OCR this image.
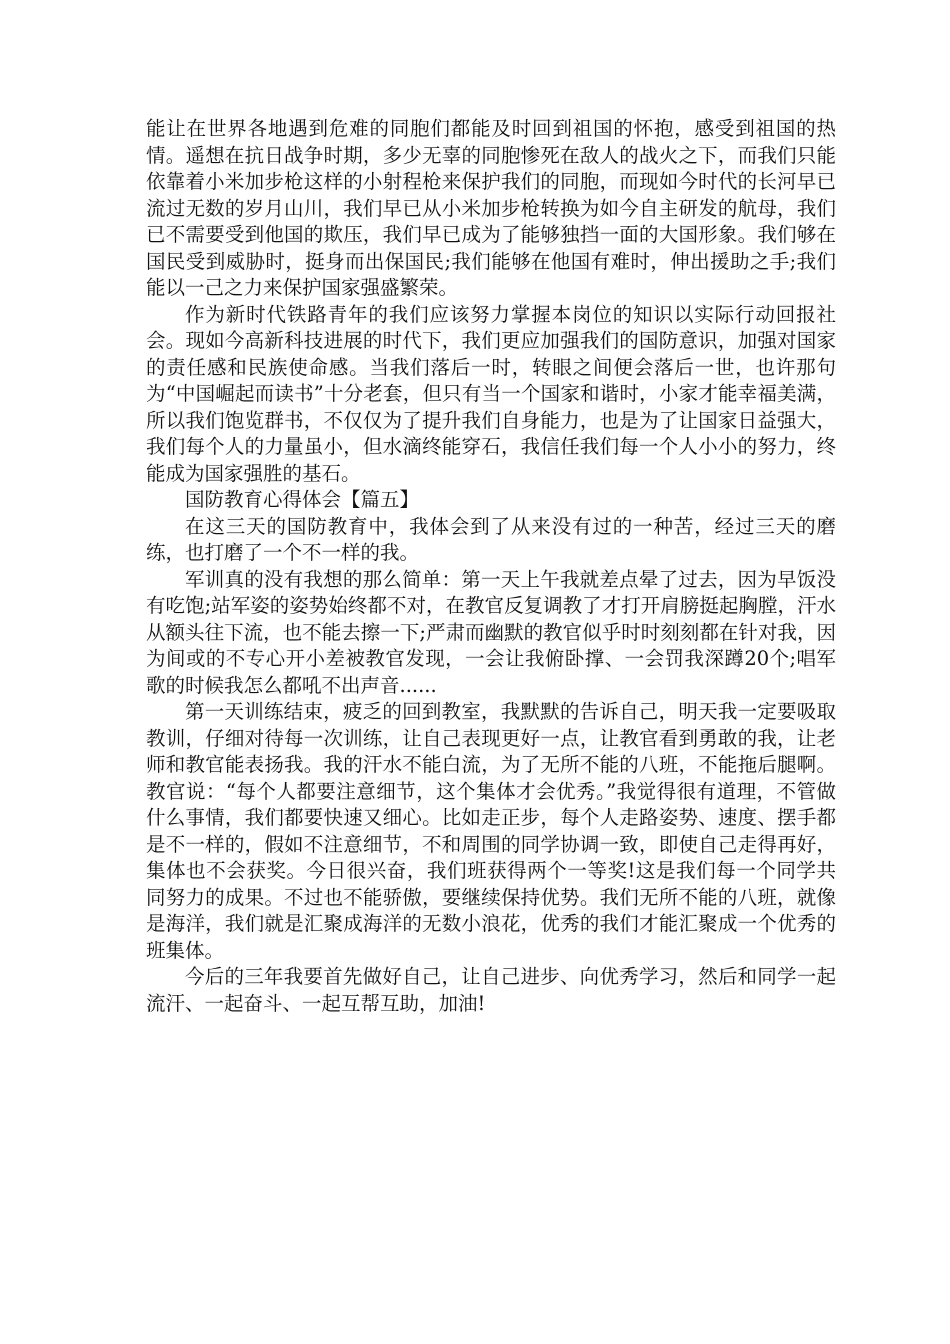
能让在世界各地遇到危难的同胞们都能及时回到祖国的怀抱，感受到祖国的热情。遥想在抗日战争时期，多少无辜的同胞惨死在敌人的战火之下，而我们只能依靠着小米加步枪这样的小射程枪来保护我们的同胞，而现如今时代的长河早已流过无数的岁月山川，我们早已从小米加步枪转换为如今自主研发的航母，我们已不需要受到他国的欺压，我们早已成为了能够独挡一面的大国形象。我们够在国民受到威胁时，挺身而出保国民;我们能够在他国有难时，伸出援助之手;我们能以一己之力来保护国家强盛繁荣。

作为新时代铁路青年的我们应该努力掌握本岗位的知识以实际行动回报社会。现如今高新科技进展的时代下，我们更应加强我们的国防意识，加强对国家的责任感和民族使命感。当我们落后一时，转眼之间便会落后一世，也许那句为“中国崛起而读书”十分老套，但只有当一个国家和谐时，小家才能幸福美满，所以我们饱览群书，不仅仅为了提升我们自身能力，也是为了让国家日益强大，我们每个人的力量虽小，但水滴终能穿石，我信任我们每一个人小小的努力，终能成为国家强胜的基石。

国防教育心得体会【篇五】

在这三天的国防教育中，我体会到了从来没有过的一种苦，经过三天的磨练，也打磨了一个不一样的我。

军训真的没有我想的那么简单：第一天上午我就差点晕了过去，因为早饭没有吃饱;站军姿的姿势始终都不对，在教官反复调教了才打开肩膀挺起胸膛，汗水从额头往下流，也不能去擦一下;严肃而幽默的教官似乎时时刻刻都在针对我，因为间或的不专心开小差被教官发现，一会让我俯卧撑、一会罚我深蹲20个;唱军歌的时候我怎么都吼不出声音......

第一天训练结束，疲乏的回到教室，我默默的告诉自己，明天我一定要吸取教训，仔细对待每一次训练，让自己表现更好一点，让教官看到勇敢的我，让老师和教官能表扬我。我的汗水不能白流，为了无所不能的八班，不能拖后腿啊。教官说：“每个人都要注意细节，这个集体才会优秀。”我觉得很有道理，不管做什么事情，我们都要快速又细心。比如走正步，每个人走路姿势、速度、摆手都是不一样的，假如不注意细节，不和周围的同学协调一致，即使自己走得再好，集体也不会获奖。今日很兴奋，我们班获得两个一等奖!这是我们每一个同学共同努力的成果。不过也不能骄傲，要继续保持优势。我们无所不能的八班，就像是海洋，我们就是汇聚成海洋的无数小浪花，优秀的我们才能汇聚成一个优秀的班集体。

今后的三年我要首先做好自己，让自己进步、向优秀学习，然后和同学一起流汗、一起奋斗、一起互帮互助，加油!
